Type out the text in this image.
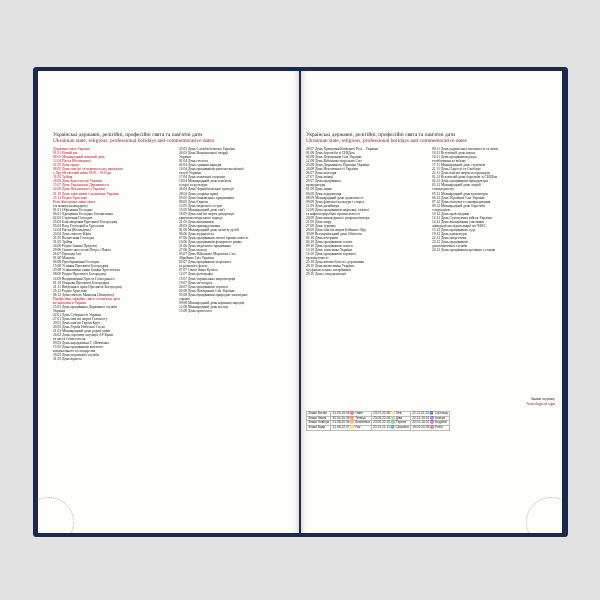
Українські державні, релігійні, професійні свята та пам'ятні дати
Ukrainian state, religious, professional holidays and commemorative dates
Державні свята України
01.01 Новий рік
08.03 Міжнародний жіночий день
12.04 Пасха (Великдень)
01.05 День праці
08.05 День пам'яті та перемоги над нацизмом
у Другій світовій війні 1939 – 1945 рр.
31.05 Трійця
28.06 День Конституції України
15.07 День Української Державності
24.08 День Незалежності України
01.10 День захисників і захисниць України
25.12 Різдво Христове
Релігійні православні свята
(за новим календарем)
01.01 Обрізання Господнє
06.01 Хрещення Господнє Богоявлення
02.02 Стрітення Господнє
25.03 Благовіщення Пресвятої Богородиці
05.04 Вхід Господній в Єрусалим
12.04 Пасха (Великдень)
23.04 День святого Юрія
21.05 Вознесіння Господнє
31.05 Трійця
24.06 Різдво Іоанна Предтечі
29.06 Святих апостолів Петра і Павла
26.07 Проводи Ілії
01.08 Маковія
06.08 Преображення Господнє
15.08 Успіння Пресвятої Богородиці
29.08 Усікновення глави Іоанна Хрестителя
08.09 Різдво Пресвятої Богородиці
14.09 Воздвиження Хреста Господнього
01.10 Покрова Пресвятої Богородиці
21.11 Введення в храм Пресвятої Богородиці
25.12 Різдво Христове
06.12 День святого Миколая (Зимового)
Професійні, офіційні свята та пам'ятні дати
встановлені в Україні
15.01 День працівника Державної служби
України
22.01 День Соборності України
27.01 День пам'яті жертв Голокосту
29.01 День пам'яті Героїв Крут
20.02 День Героїв Небесної Сотні
21.02 Міжнародний день рідної мови
26.02 День спротиву окупації АР Крим
та міста Севастополя
09.03 День народження Т. Шевченка
15.03 День працівників житлово-
комунального господарства
18.03 День податкової служби
31.03 День юриста
25.03 День Служби безпеки України
26.03 День Національної гвардії
України
01.04 День геолога
02.04 День єднання народів
14.04 День працівників ракетно-космічної
галузі України
17.04 День пожежної охорони
18.04 Міжнародний день пам'яток
історії та культури
26.04 День Чорнобильської трагедії
28.04 День охорони праці
05.05 День банківських працівників
08.05 День Європи
12.05 День медичної сестри
15.05 Міжнародний день сім'ї
18.05 День пам'яті жертв депортації
кримськотатарського народу
21.05 День вишиванки
28.05 День прикордонника
01.06 Міжнародний день захисту дітей
06.06 День журналіста
07.06 День працівників легкої промисловості
14.06 День працівників фондового ринку
21.06 День медичного працівника
27.06 День молоді
03.07 День Військово-Морських Сил
Збройних Сил України
05.07 День працівників морського
та річкового флоту
07.07 Свято Івана Купала
12.07 День фотографа
15.07 День українських миротворців
19.07 День металурга
26.07 День працівників торгівлі
02.08 День Повітряних Сил України
05.08 День працівників природно-заповідної
справи
09.08 Міжнародний день корінних народів
12.08 Міжнародний день молоді
15.08 День археолога
Українські державні, релігійні, професійні свята та пам'ятні дати
Ukrainian state, religious, professional holidays and commemorative dates
28.07 День Хрещення Київської Русі – України
01.08 День боротьби зі СНІДом
02.08 День Повітряних Сил України
12.08 День Військово-морських Сил
23.08 День Державного Прапора України
24.08 День Незалежності України
26.07 День шахтаря
27.07 День авіації
29.07 День працівника
прокуратури
01.09 День знань
06.09 День підприємця
08.09 Міжнародний день грамотності
09.09 День фізичної культури і спорту
11.09 День дизайнера
12.09 День працівників нафтової, газової
та нафтопереробної промисловості
20.09 День винахідника і раціоналізатора
21.09 День миру
27.09 День туризму
29.09 День пам'яті жертв Бабиного Яру
30.09 Всеукраїнський день бібліотек
01.10 День ветеранів
04.10 День працівників освіти
09.10 День працівників пошти
14.10 День захисника України
16.10 День працівників харчової
промисловості
25.10 День автомобіліста і дорожника
28.10 День визволення України
від фашистських загарбників
29.10 День стандартизації
09.11 День української писемності та мови
10.11 Всесвітній день науки
16.11 День працівників радіо,
телебачення та зв'язку
17.11 Міжнародний день студентів
21.11 День Гідності та Свободи
22.11 День пам'яті жертв голодоморів
01.12 Всесвітній день боротьби зі СНІДом
02.12 День працівників прокуратури
03.12 Міжнародний день людей
з інвалідністю
05.12 Міжнародний день волонтерів
06.12 День Збройних Сил України
07.12 День місцевого самоврядування
09.12 Міжнародний день боротьби
з корупцією
10.12 День прав людини
12.12 День Сухопутних військ України
14.12 День вшанування учасників
ліквідації наслідків аварії на ЧАЕС
15.12 День працівників суду
19.12 День адвокатури
22.12 День енергетика
23.12 День працівників
дипломатичної служби
24.12 День працівників архівних установ
Знаки зодіаку
Astrological sign
Знаки Вогню	21.03-19.04 ♈ Овен	23.07-22.08 ♌ Лев	22.11-21.12 ♐ Стрілець
Знаки Землі	20.04-20.05 ♉ Телець	23.08-22.09 ♍ Діва	22.12-19.01 ♑ Козеріг
Знаки Повітря	21.05-20.06 ♊ Близнюки	23.09-22.10 ♎ Терези	20.01-18.02 ♒ Водолій
Знаки Води	21.06-22.07 ♋ Рак	23.10-21.11 ♏ Скорпіон	19.02-20.03 ♓ Риби
